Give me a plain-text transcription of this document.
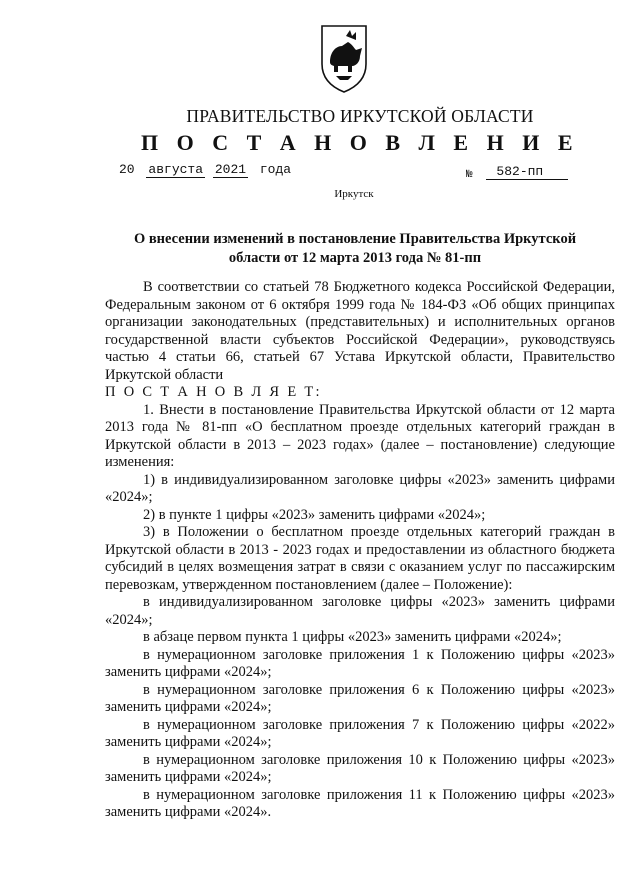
ПРАВИТЕЛЬСТВО ИРКУТСКОЙ ОБЛАСТИ
П О С Т А Н О В Л Е Н И Е
20 августа 2021 года	№ 582-пп
Иркутск
О внесении изменений в постановление Правительства Иркутской
области от 12 марта 2013 года № 81-пп

В соответствии со статьей 78 Бюджетного кодекса Российской Федерации, Федеральным законом от 6 октября 1999 года № 184-ФЗ «Об общих принципах организации законодательных (представительных) и исполнительных органов государственной власти субъектов Российской Федерации», руководствуясь частью 4 статьи 66, статьей 67 Устава Иркутской области, Правительство Иркутской области

П О С Т А Н О В Л Я Е Т:

1. Внести в постановление Правительства Иркутской области от 12 марта 2013 года № 81-пп «О бесплатном проезде отдельных категорий граждан в Иркутской области в 2013 – 2023 годах» (далее – постановление) следующие изменения:

1) в индивидуализированном заголовке цифры «2023» заменить цифрами «2024»;

2) в пункте 1 цифры «2023» заменить цифрами «2024»;

3) в Положении о бесплатном проезде отдельных категорий граждан в Иркутской области в 2013 - 2023 годах и предоставлении из областного бюджета субсидий в целях возмещения затрат в связи с оказанием услуг по пассажирским перевозкам, утвержденном постановлением (далее – Положение):

в индивидуализированном заголовке цифры «2023» заменить цифрами «2024»;

в абзаце первом пункта 1 цифры «2023» заменить цифрами «2024»;

в нумерационном заголовке приложения 1 к Положению цифры «2023» заменить цифрами «2024»;

в нумерационном заголовке приложения 6 к Положению цифры «2023» заменить цифрами «2024»;

в нумерационном заголовке приложения 7 к Положению цифры «2022» заменить цифрами «2024»;

в нумерационном заголовке приложения 10 к Положению цифры «2023» заменить цифрами «2024»;

в нумерационном заголовке приложения 11 к Положению цифры «2023» заменить цифрами «2024».
